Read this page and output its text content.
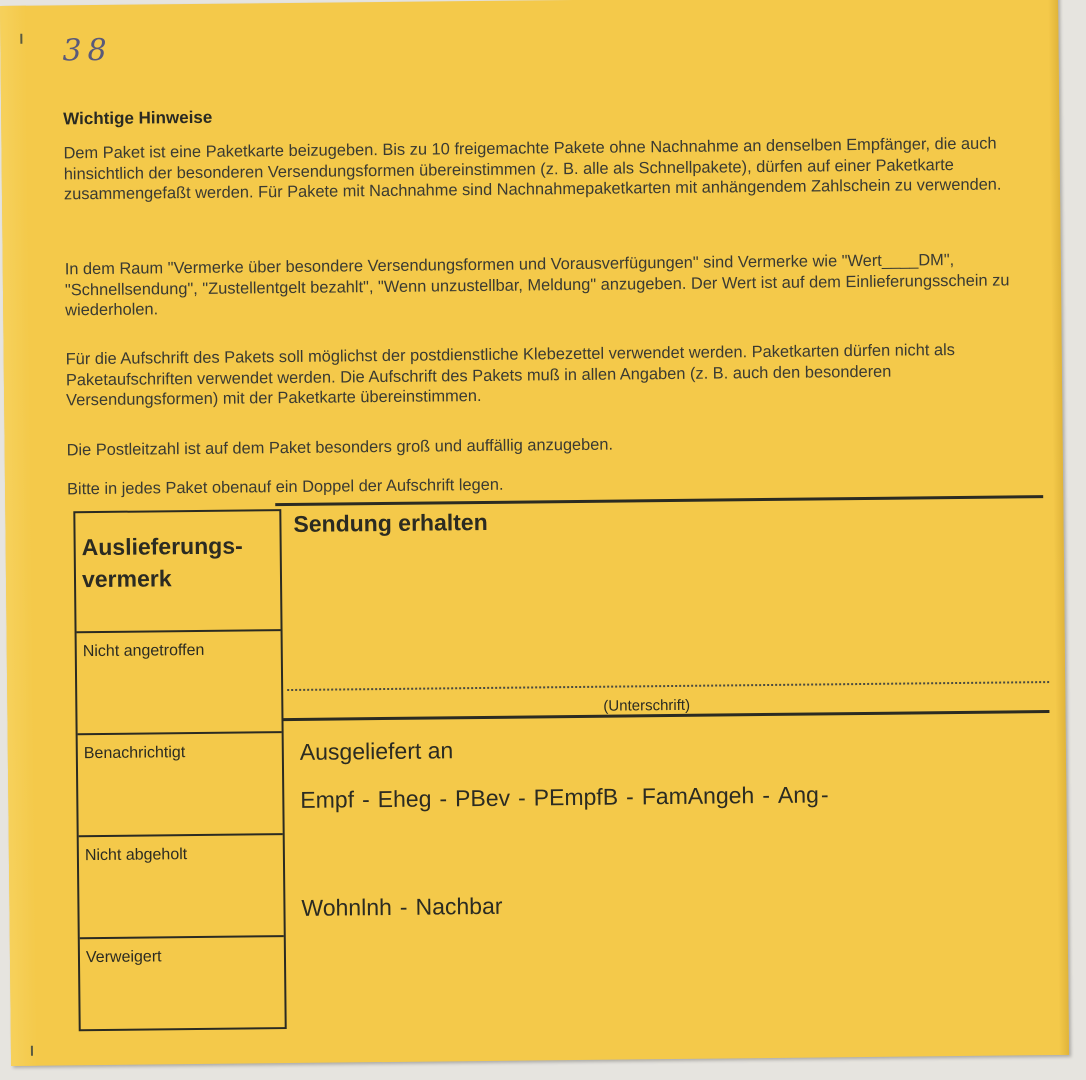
38
Wichtige Hinweise

Dem Paket ist eine Paketkarte beizugeben. Bis zu 10 freigemachte Pakete ohne Nachnahme an denselben Empfänger, die auch hinsichtlich der besonderen Versendungsformen übereinstimmen (z. B. alle als Schnellpakete), dürfen auf einer Paketkarte zusammengefaßt werden. Für Pakete mit Nachnahme sind Nachnahmepaketkarten mit anhängendem Zahlschein zu verwenden.

In dem Raum "Vermerke über besondere Versendungsformen und Vorausverfügungen" sind Vermerke wie "Wert____DM", "Schnellsendung", "Zustellentgelt bezahlt", "Wenn unzustellbar, Meldung" anzugeben. Der Wert ist auf dem Einlieferungsschein zu wiederholen.

Für die Aufschrift des Pakets soll möglichst der postdienstliche Klebezettel verwendet werden. Paketkarten dürfen nicht als Paketaufschriften verwendet werden. Die Aufschrift des Pakets muß in allen Angaben (z. B. auch den besonderen Versendungsformen) mit der Paketkarte übereinstimmen.

Die Postleitzahl ist auf dem Paket besonders groß und auffällig anzugeben.

Bitte in jedes Paket obenauf ein Doppel der Aufschrift legen.

Auslieferungs-
vermerk
Nicht angetroffen
Benachrichtigt
Nicht abgeholt
Verweigert
Sendung erhalten
(Unterschrift)
Ausgeliefert an
Empf - Eheg - PBev - PEmpfB - FamAngeh - Ang-
Wohnlnh - Nachbar
